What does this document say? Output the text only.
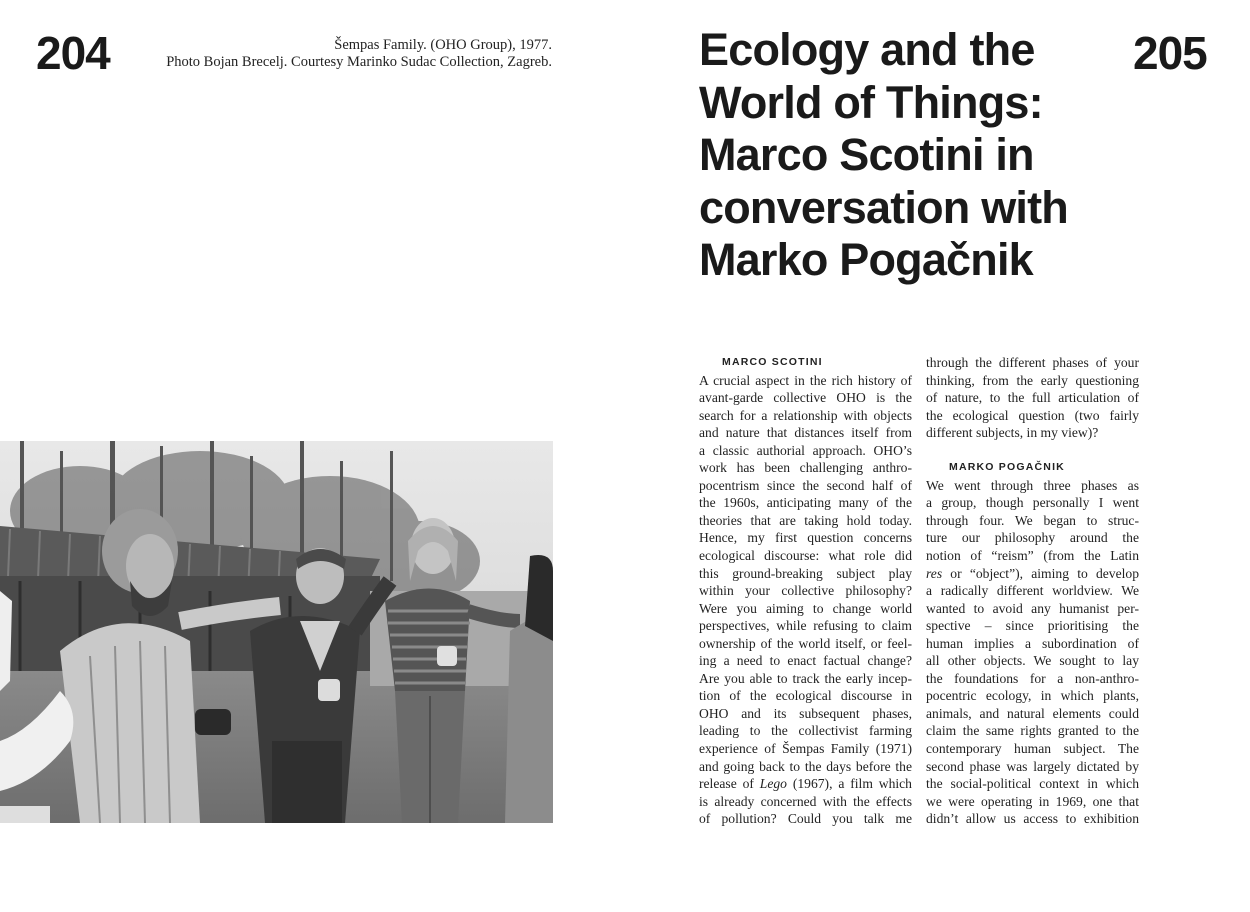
204	Šempas Family. (OHO Group), 1977.
Photo Bojan Brecelj. Courtesy Marinko Sudac Collection, Zagreb.	Ecology and the
World of Things:
Marco Scotini in
conversation with
Marko Pogačnik
205
MARCO SCOTINI
A crucial aspect in the rich history of
avant-garde collective OHO is the
search for a relationship with objects
and nature that distances itself from
a classic authorial approach. OHO’s
work has been challenging anthro-
pocentrism since the second half of
the 1960s, anticipating many of the
theories that are taking hold today.
Hence, my first question concerns
ecological discourse: what role did
this ground-breaking subject play
within your collective philosophy?
Were you aiming to change world
perspectives, while refusing to claim
ownership of the world itself, or feel-
ing a need to enact factual change?
Are you able to track the early incep-
tion of the ecological discourse in
OHO and its subsequent phases,
leading to the collectivist farming
experience of Šempas Family (1971)
and going back to the days before the
release of Lego (1967), a film which
is already concerned with the effects
of pollution? Could you talk me
through the different phases of your
thinking, from the early questioning
of nature, to the full articulation of
the ecological question (two fairly
different subjects, in my view)?
MARKO POGAČNIK
We went through three phases as
a group, though personally I went
through four. We began to struc-
ture our philosophy around the
notion of “reism” (from the Latin
res or “object”), aiming to develop
a radically different worldview. We
wanted to avoid any humanist per-
spective – since prioritising the
human implies a subordination of
all other objects. We sought to lay
the foundations for a non-anthro-
pocentric ecology, in which plants,
animals, and natural elements could
claim the same rights granted to the
contemporary human subject. The
second phase was largely dictated by
the social-political context in which
we were operating in 1969, one that
didn’t allow us access to exhibition
